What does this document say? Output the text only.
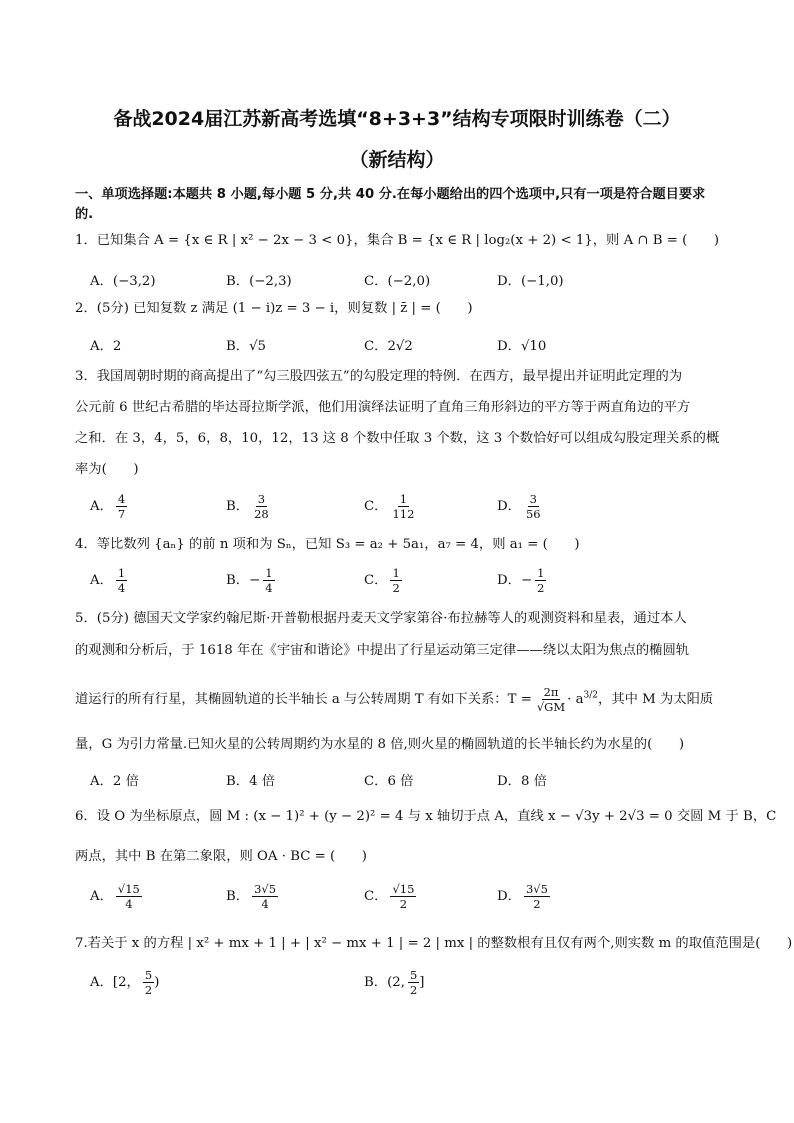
备战2024届江苏新高考选填“8+3+3”结构专项限时训练卷（二）
（新结构）
一、单项选择题:本题共 8 小题,每小题 5 分,共 40 分.在每小题给出的四个选项中,只有一项是符合题目要求
的.
1．已知集合 A = {x ∈ R | x² − 2x − 3 < 0}，集合 B = {x ∈ R | log₂(x + 2) < 1}，则 A ∩ B = (　　)
A．(−3,2)	B．(−2,3)	C．(−2,0)	D．(−1,0)
2．(5分) 已知复数 z 满足 (1 − i)z = 3 − i，则复数 | z̄ | = (　　)
A．2	B．√5	C．2√2	D．√10
3．我国周朝时期的商高提出了“勾三股四弦五”的勾股定理的特例．在西方，最早提出并证明此定理的为
公元前 6 世纪古希腊的毕达哥拉斯学派，他们用演绎法证明了直角三角形斜边的平方等于两直角边的平方
之和．在 3，4，5，6，8，10，12，13 这 8 个数中任取 3 个数，这 3 个数恰好可以组成勾股定理关系的概
率为(　　)
A． $\frac{4}{7}$	B． $\frac{3}{28}$	C． $\frac{1}{112}$	D． $\frac{3}{56}$
4．等比数列 {aₙ} 的前 n 项和为 Sₙ，已知 S₃ = a₂ + 5a₁，a₇ = 4，则 a₁ = (　　)
A． $\frac{1}{4}$	B．− $\frac{1}{4}$	C． $\frac{1}{2}$	D．− $\frac{1}{2}$
5．(5分) 德国天文学家约翰尼斯·开普勒根据丹麦天文学家第谷·布拉赫等人的观测资料和星表，通过本人
的观测和分析后，于 1618 年在《宇宙和谐论》中提出了行星运动第三定律——绕以太阳为焦点的椭圆轨
道运行的所有行星，其椭圆轨道的长半轴长 a 与公转周期 T 有如下关系：$T = \frac{2\pi}{√GM} \cdot a^{3/2}$，其中 M 为太阳质
量，G 为引力常量.已知火星的公转周期约为水星的 8 倍,则火星的椭圆轨道的长半轴长约为水星的(　　)
A．2 倍	B．4 倍	C．6 倍	D．8 倍
6．设 O 为坐标原点，圆 M : (x − 1)² + (y − 2)² = 4 与 x 轴切于点 A，直线 x − √3y + 2√3 = 0 交圆 M 于 B，C
两点，其中 B 在第二象限，则 OA · BC = (　　)
A． $\frac{√15}{4}$	B． $\frac{3√5}{4}$	C． $\frac{√15}{2}$	D． $\frac{3√5}{2}$
7.若关于 x 的方程 | x² + mx + 1 | + | x² − mx + 1 | = 2 | mx | 的整数根有且仅有两个,则实数 m 的取值范围是(　　)
A．[2， $\frac{5}{2}$ )	B．(2, $\frac{5}{2}$ ]
